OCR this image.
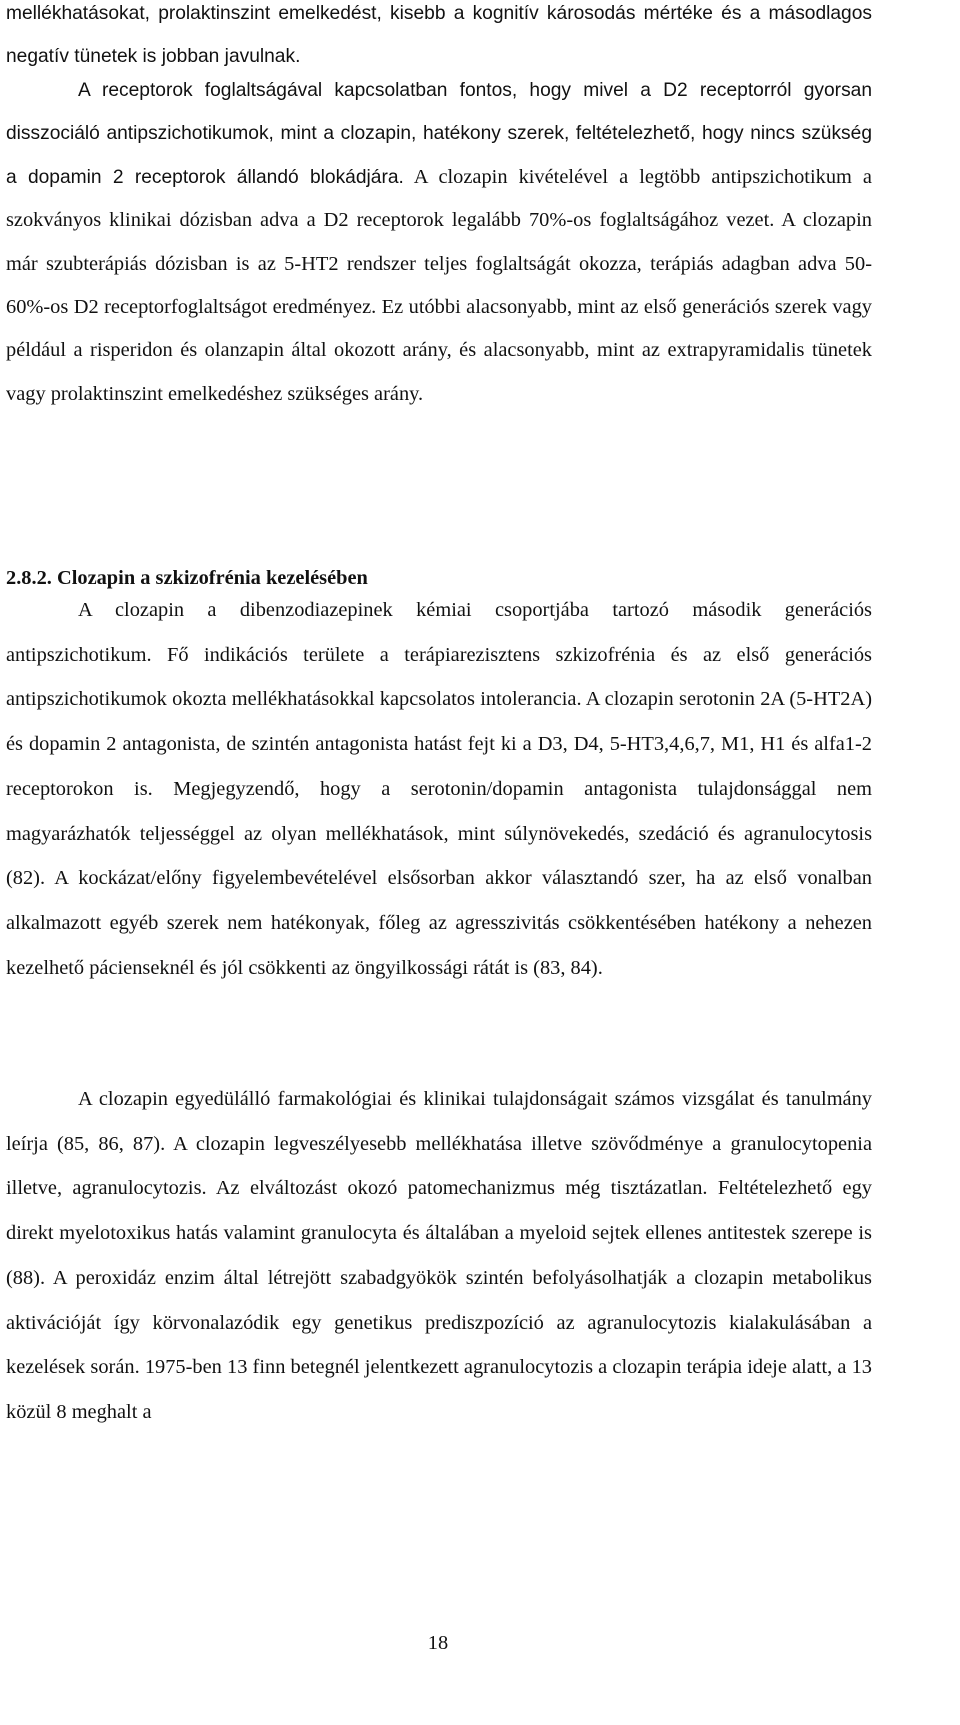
mellékhatásokat, prolaktinszint emelkedést, kisebb a kognitív károsodás mértéke és a másodlagos negatív tünetek is jobban javulnak.

A receptorok foglaltságával kapcsolatban fontos, hogy mivel a D2 receptorról gyorsan disszociáló antipszichotikumok, mint a clozapin, hatékony szerek, feltételezhető, hogy nincs szükség a dopamin 2 receptorok állandó blokádjára. A clozapin kivételével a legtöbb antipszichotikum a szokványos klinikai dózisban adva a D2 receptorok legalább 70%-os foglaltságához vezet. A clozapin már szubterápiás dózisban is az 5-HT2 rendszer teljes foglaltságát okozza, terápiás adagban adva 50-60%-os D2 receptorfoglaltságot eredményez. Ez utóbbi alacsonyabb, mint az első generációs szerek vagy például a risperidon és olanzapin által okozott arány, és alacsonyabb, mint az extrapyramidalis tünetek vagy prolaktinszint emelkedéshez szükséges arány.

2.8.2. Clozapin a szkizofrénia kezelésében

A clozapin a dibenzodiazepinek kémiai csoportjába tartozó második generációs antipszichotikum. Fő indikációs területe a terápiarezisztens szkizofrénia és az első generációs antipszichotikumok okozta mellékhatásokkal kapcsolatos intolerancia. A clozapin serotonin 2A (5-HT2A) és dopamin 2 antagonista, de szintén antagonista hatást fejt ki a D3, D4, 5-HT3,4,6,7, M1, H1 és alfa1-2 receptorokon is. Megjegyzendő, hogy a serotonin/dopamin antagonista tulajdonsággal nem magyarázhatók teljességgel az olyan mellékhatások, mint súlynövekedés, szedáció és agranulocytosis (82). A kockázat/előny figyelembevételével elsősorban akkor választandó szer, ha az első vonalban alkalmazott egyéb szerek nem hatékonyak, főleg az agresszivitás csökkentésében hatékony a nehezen kezelhető pácienseknél és jól csökkenti az öngyilkossági rátát is (83, 84).

A clozapin egyedülálló farmakológiai és klinikai tulajdonságait számos vizsgálat és tanulmány leírja (85, 86, 87). A clozapin legveszélyesebb mellékhatása illetve szövődménye a granulocytopenia illetve, agranulocytozis. Az elváltozást okozó patomechanizmus még tisztázatlan. Feltételezhető egy direkt myelotoxikus hatás valamint granulocyta és általában a myeloid sejtek ellenes antitestek szerepe is (88). A peroxidáz enzim által létrejött szabadgyökök szintén befolyásolhatják a clozapin metabolikus aktivációját így körvonalazódik egy genetikus prediszpozíció az agranulocytozis kialakulásában a kezelések során. 1975-ben 13 finn betegnél jelentkezett agranulocytozis a clozapin terápia ideje alatt, a 13 közül 8 meghalt a

18
